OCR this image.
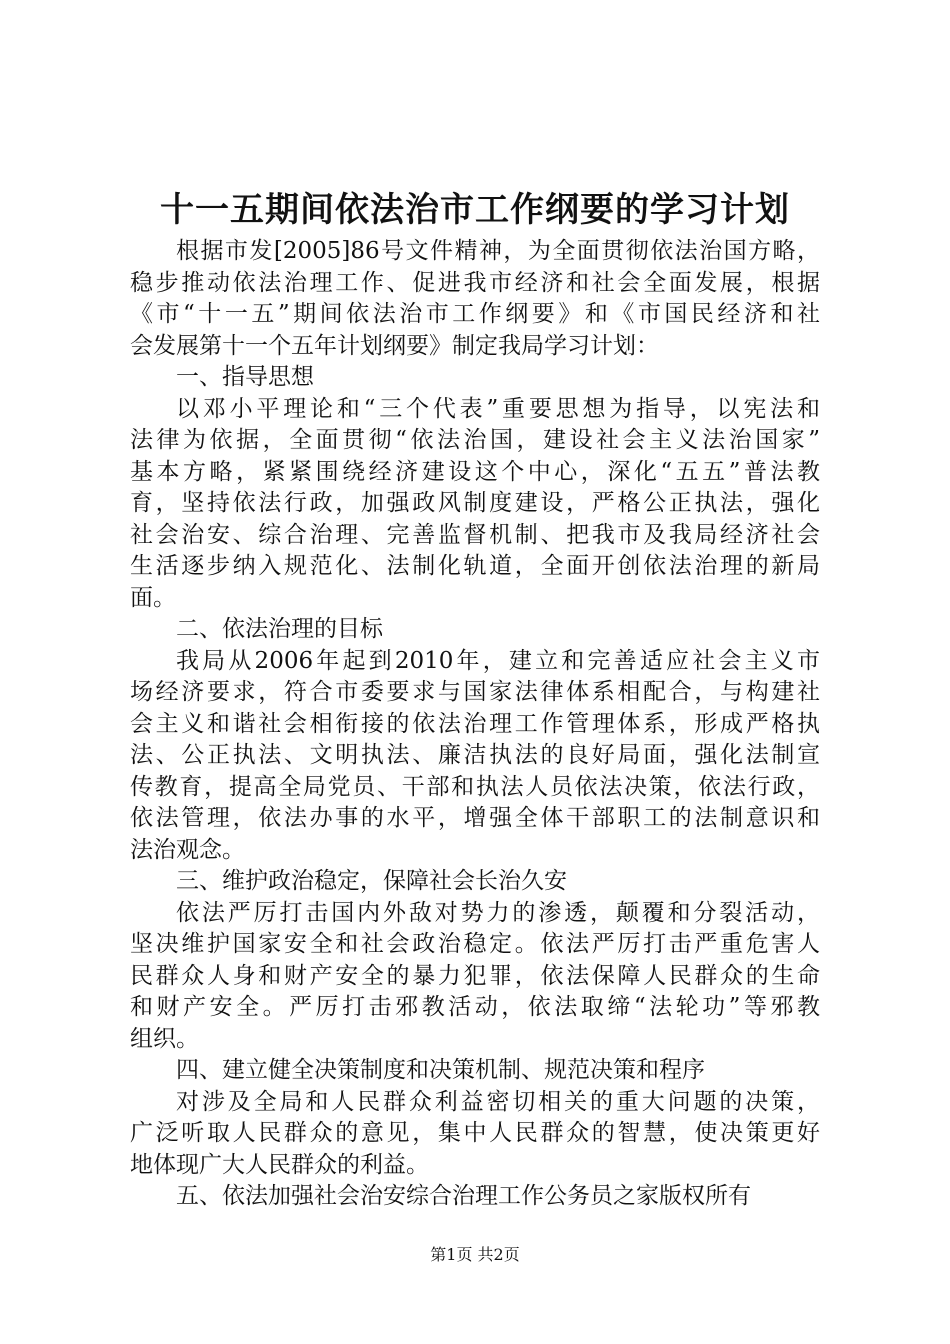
十一五期间依法治市工作纲要的学习计划
根据市发[2005]86号文件精神，为全面贯彻依法治国方略，
稳步推动依法治理工作、促进我市经济和社会全面发展，根据
《市“十一五”期间依法治市工作纲要》和《市国民经济和社
会发展第十一个五年计划纲要》制定我局学习计划：
一、指导思想
以邓小平理论和“三个代表”重要思想为指导，以宪法和
法律为依据，全面贯彻“依法治国，建设社会主义法治国家”
基本方略，紧紧围绕经济建设这个中心，深化“五五”普法教
育，坚持依法行政，加强政风制度建设，严格公正执法，强化
社会治安、综合治理、完善监督机制、把我市及我局经济社会
生活逐步纳入规范化、法制化轨道，全面开创依法治理的新局
面。
二、依法治理的目标
我局从2006年起到2010年，建立和完善适应社会主义市
场经济要求，符合市委要求与国家法律体系相配合，与构建社
会主义和谐社会相衔接的依法治理工作管理体系，形成严格执
法、公正执法、文明执法、廉洁执法的良好局面，强化法制宣
传教育，提高全局党员、干部和执法人员依法决策，依法行政，
依法管理，依法办事的水平，增强全体干部职工的法制意识和
法治观念。
三、维护政治稳定，保障社会长治久安
依法严厉打击国内外敌对势力的渗透，颠覆和分裂活动，
坚决维护国家安全和社会政治稳定。依法严厉打击严重危害人
民群众人身和财产安全的暴力犯罪，依法保障人民群众的生命
和财产安全。严厉打击邪教活动，依法取缔“法轮功”等邪教
组织。
四、建立健全决策制度和决策机制、规范决策和程序
对涉及全局和人民群众利益密切相关的重大问题的决策，
广泛听取人民群众的意见，集中人民群众的智慧，使决策更好
地体现广大人民群众的利益。
五、依法加强社会治安综合治理工作公务员之家版权所有
第1页 共2页
